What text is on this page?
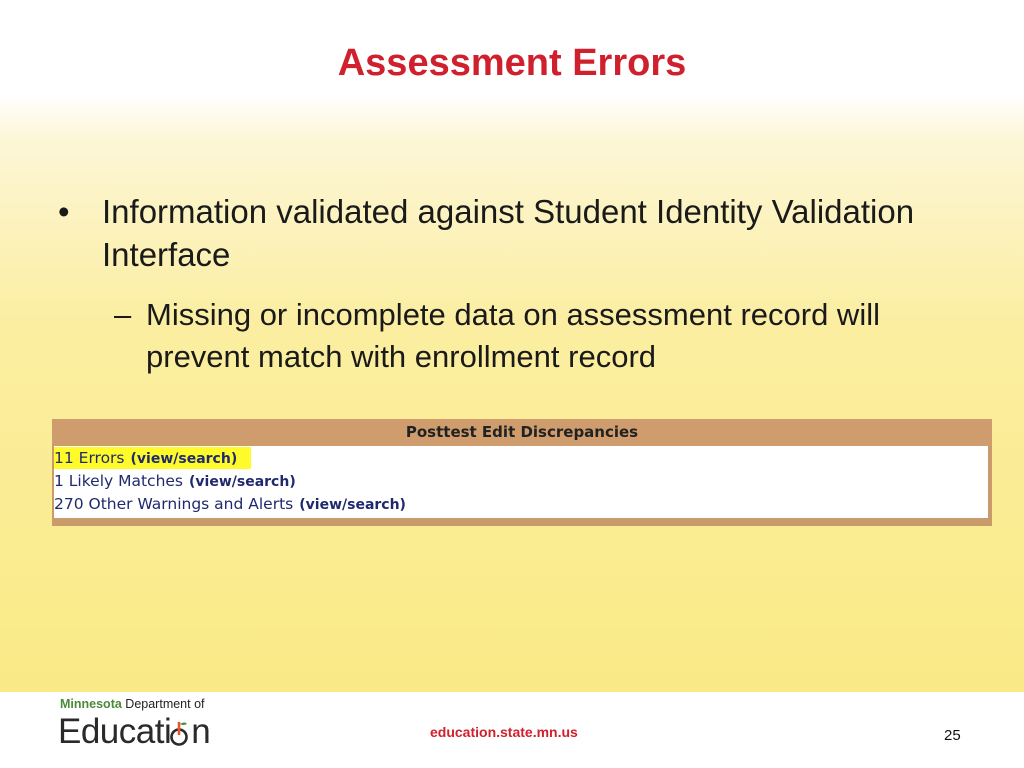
Assessment Errors
• Information validated against Student Identity Validation Interface
– Missing or incomplete data on assessment record will prevent match with enrollment record
Posttest Edit Discrepancies
11 Errors (view/search)
1 Likely Matches (view/search)
270 Other Warnings and Alerts (view/search)
Minnesota Department of
Educati n	education.state.mn.us	25
